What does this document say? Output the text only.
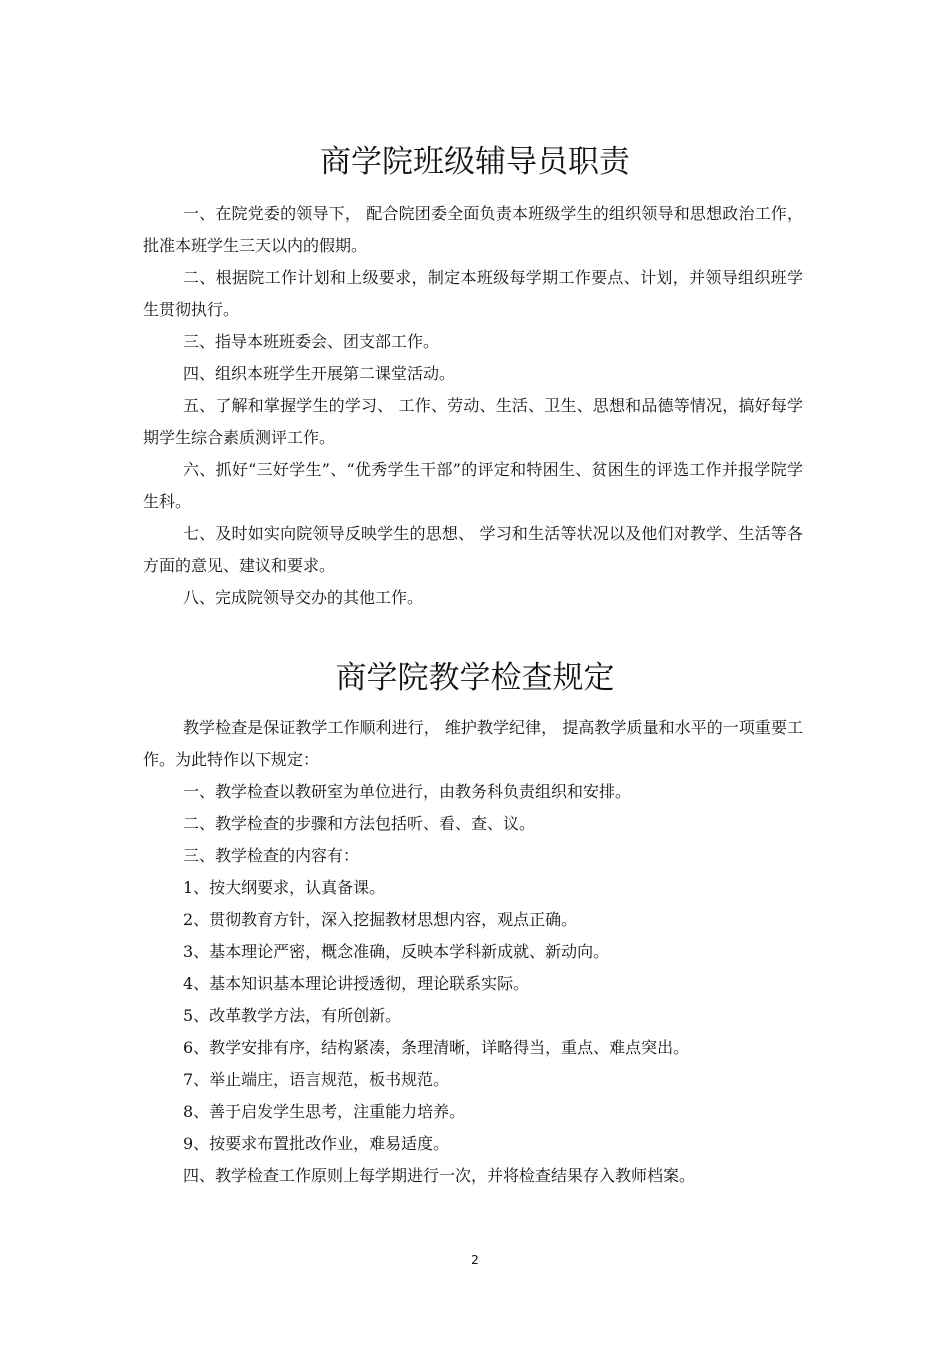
商学院班级辅导员职责

一、在院党委的领导下， 配合院团委全面负责本班级学生的组织领导和思想政治工作，批准本班学生三天以内的假期。

二、根据院工作计划和上级要求，制定本班级每学期工作要点、计划，并领导组织班学生贯彻执行。

三、指导本班班委会、团支部工作。

四、组织本班学生开展第二课堂活动。

五、了解和掌握学生的学习、 工作、劳动、生活、卫生、思想和品德等情况，搞好每学期学生综合素质测评工作。

六、抓好“三好学生”、“优秀学生干部”的评定和特困生、贫困生的评选工作并报学院学生科。

七、及时如实向院领导反映学生的思想、 学习和生活等状况以及他们对教学、生活等各方面的意见、建议和要求。

八、完成院领导交办的其他工作。

商学院教学检查规定

教学检查是保证教学工作顺利进行， 维护教学纪律， 提高教学质量和水平的一项重要工作。为此特作以下规定：

一、教学检查以教研室为单位进行，由教务科负责组织和安排。

二、教学检查的步骤和方法包括听、看、查、议。

三、教学检查的内容有：

1、按大纲要求，认真备课。

2、贯彻教育方针，深入挖掘教材思想内容，观点正确。

3、基本理论严密，概念准确，反映本学科新成就、新动向。

4、基本知识基本理论讲授透彻，理论联系实际。

5、改革教学方法，有所创新。

6、教学安排有序，结构紧凑，条理清晰，详略得当，重点、难点突出。

7、举止端庄，语言规范，板书规范。

8、善于启发学生思考，注重能力培养。

9、按要求布置批改作业，难易适度。

四、教学检查工作原则上每学期进行一次，并将检查结果存入教师档案。

2
